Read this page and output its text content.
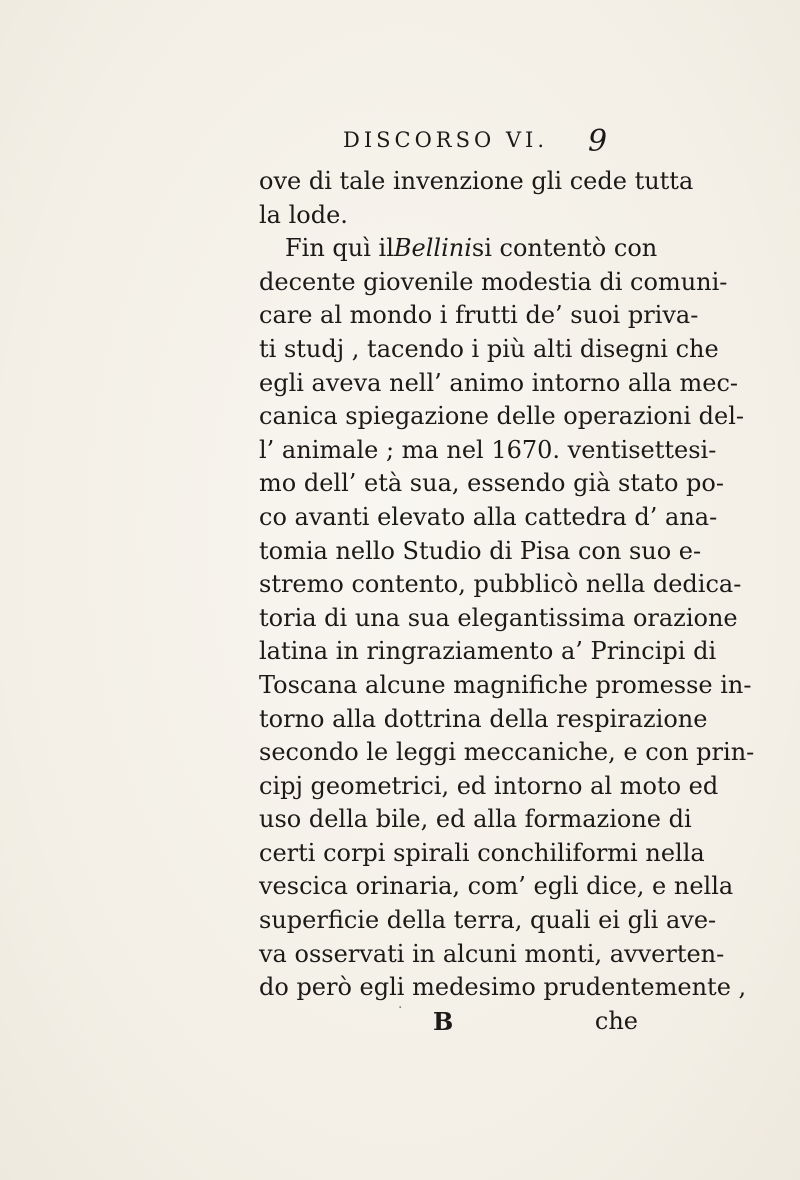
DISCORSO VI. 9
ove di tale invenzione gli cede tutta
la lode.
Fin quì il Bellini si contentò con
decente giovenile modestia di comuni-
care al mondo i frutti de’ suoi priva-
ti studj , tacendo i più alti disegni che
egli aveva nell’ animo intorno alla mec-
canica spiegazione delle operazioni del-
l’ animale ; ma nel 1670. ventisettesi-
mo dell’ età sua, essendo già stato po-
co avanti elevato alla cattedra d’ ana-
tomia nello Studio di Pisa con suo e-
stremo contento, pubblicò nella dedica-
toria di una sua elegantissima orazione
latina in ringraziamento a’ Principi di
Toscana alcune magnifiche promesse in-
torno alla dottrina della respirazione
secondo le leggi meccaniche, e con prin-
cipj geometrici, ed intorno al moto ed
uso della bile, ed alla formazione di
certi corpi spirali conchiliformi nella
vescica orinaria, com’ egli dice, e nella
superficie della terra, quali ei gli ave-
va osservati in alcuni monti, avverten-
do però egli medesimo prudentemente ,
B	che
·
